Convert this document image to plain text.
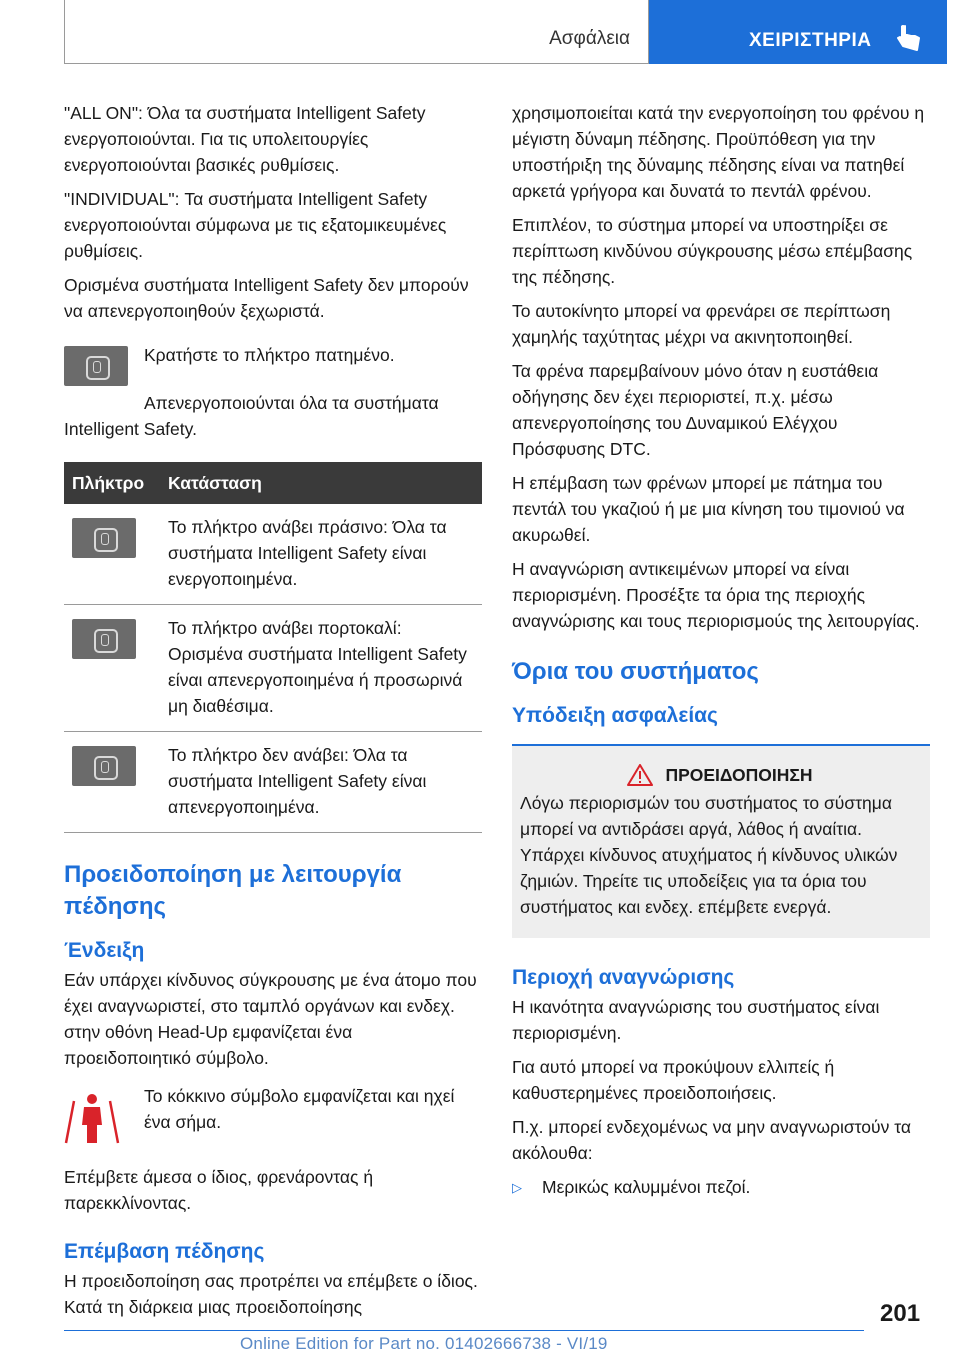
Ασφάλεια	ΧΕΙΡΙΣΤΗΡΙΑ

"ALL ON": Όλα τα συστήματα Intelligent Safety ενεργοποιούνται. Για τις υπολειτουργίες ενεργοποιούνται βασικές ρυθμίσεις.

"INDIVIDUAL": Τα συστήματα Intelligent Safety ενεργοποιούνται σύμφωνα με τις εξατομικευμένες ρυθμίσεις.

Ορισμένα συστήματα Intelligent Safety δεν μπορούν να απενεργοποιηθούν ξεχωριστά.

Κρατήστε το πλήκτρο πατημένο.

Απενεργοποιούνται όλα τα συστήματα Intelligent Safety.

Πλήκτρο	Κατάσταση
	Το πλήκτρο ανάβει πράσινο: Όλα τα συστήματα Intelligent Safety είναι ενεργοποιημένα.
	Το πλήκτρο ανάβει πορτοκαλί: Ορισμένα συστήματα Intelligent Safety είναι απενεργοποιημένα ή προσωρινά μη διαθέσιμα.
	Το πλήκτρο δεν ανάβει: Όλα τα συστήματα Intelligent Safety είναι απενεργοποιημένα.
Προειδοποίηση με λειτουργία πέδησης
Ένδειξη

Εάν υπάρχει κίνδυνος σύγκρουσης με ένα άτομο που έχει αναγνωριστεί, στο ταμπλό οργάνων και ενδεχ. στην οθόνη Head-Up εμφανίζεται ένα προειδοποιητικό σύμβολο.

Το κόκκινο σύμβολο εμφανίζεται και ηχεί ένα σήμα.

Επέμβετε άμεσα ο ίδιος, φρενάροντας ή παρεκκλίνοντας.

Επέμβαση πέδησης

Η προειδοποίηση σας προτρέπει να επέμβετε ο ίδιος. Κατά τη διάρκεια μιας προειδοποίησης

χρησιμοποιείται κατά την ενεργοποίηση του φρένου η μέγιστη δύναμη πέδησης. Προϋπόθεση για την υποστήριξη της δύναμης πέδησης είναι να πατηθεί αρκετά γρήγορα και δυνατά το πεντάλ φρένου.

Επιπλέον, το σύστημα μπορεί να υποστηρίξει σε περίπτωση κινδύνου σύγκρουσης μέσω επέμβασης της πέδησης.

Το αυτοκίνητο μπορεί να φρενάρει σε περίπτωση χαμηλής ταχύτητας μέχρι να ακινητοποιηθεί.

Τα φρένα παρεμβαίνουν μόνο όταν η ευστάθεια οδήγησης δεν έχει περιοριστεί, π.χ. μέσω απενεργοποίησης του Δυναμικού Ελέγχου Πρόσφυσης DTC.

Η επέμβαση των φρένων μπορεί με πάτημα του πεντάλ του γκαζιού ή με μια κίνηση του τιμονιού να ακυρωθεί.

Η αναγνώριση αντικειμένων μπορεί να είναι περιορισμένη. Προσέξτε τα όρια της περιοχής αναγνώρισης και τους περιορισμούς της λειτουργίας.

Όρια του συστήματος
Υπόδειξη ασφαλείας
ΠΡΟΕΙΔΟΠΟΙΗΣΗ

Λόγω περιορισμών του συστήματος το σύστημα μπορεί να αντιδράσει αργά, λάθος ή αναίτια. Υπάρχει κίνδυνος ατυχήματος ή κίνδυνος υλικών ζημιών. Τηρείτε τις υποδείξεις για τα όρια του συστήματος και ενδεχ. επέμβετε ενεργά.

Περιοχή αναγνώρισης

Η ικανότητα αναγνώρισης του συστήματος είναι περιορισμένη.

Για αυτό μπορεί να προκύψουν ελλιπείς ή καθυστερημένες προειδοποιήσεις.

Π.χ. μπορεί ενδεχομένως να μην αναγνωριστούν τα ακόλουθα:

▷	Μερικώς καλυμμένοι πεζοί.
201
Online Edition for Part no. 01402666738 - VI/19
